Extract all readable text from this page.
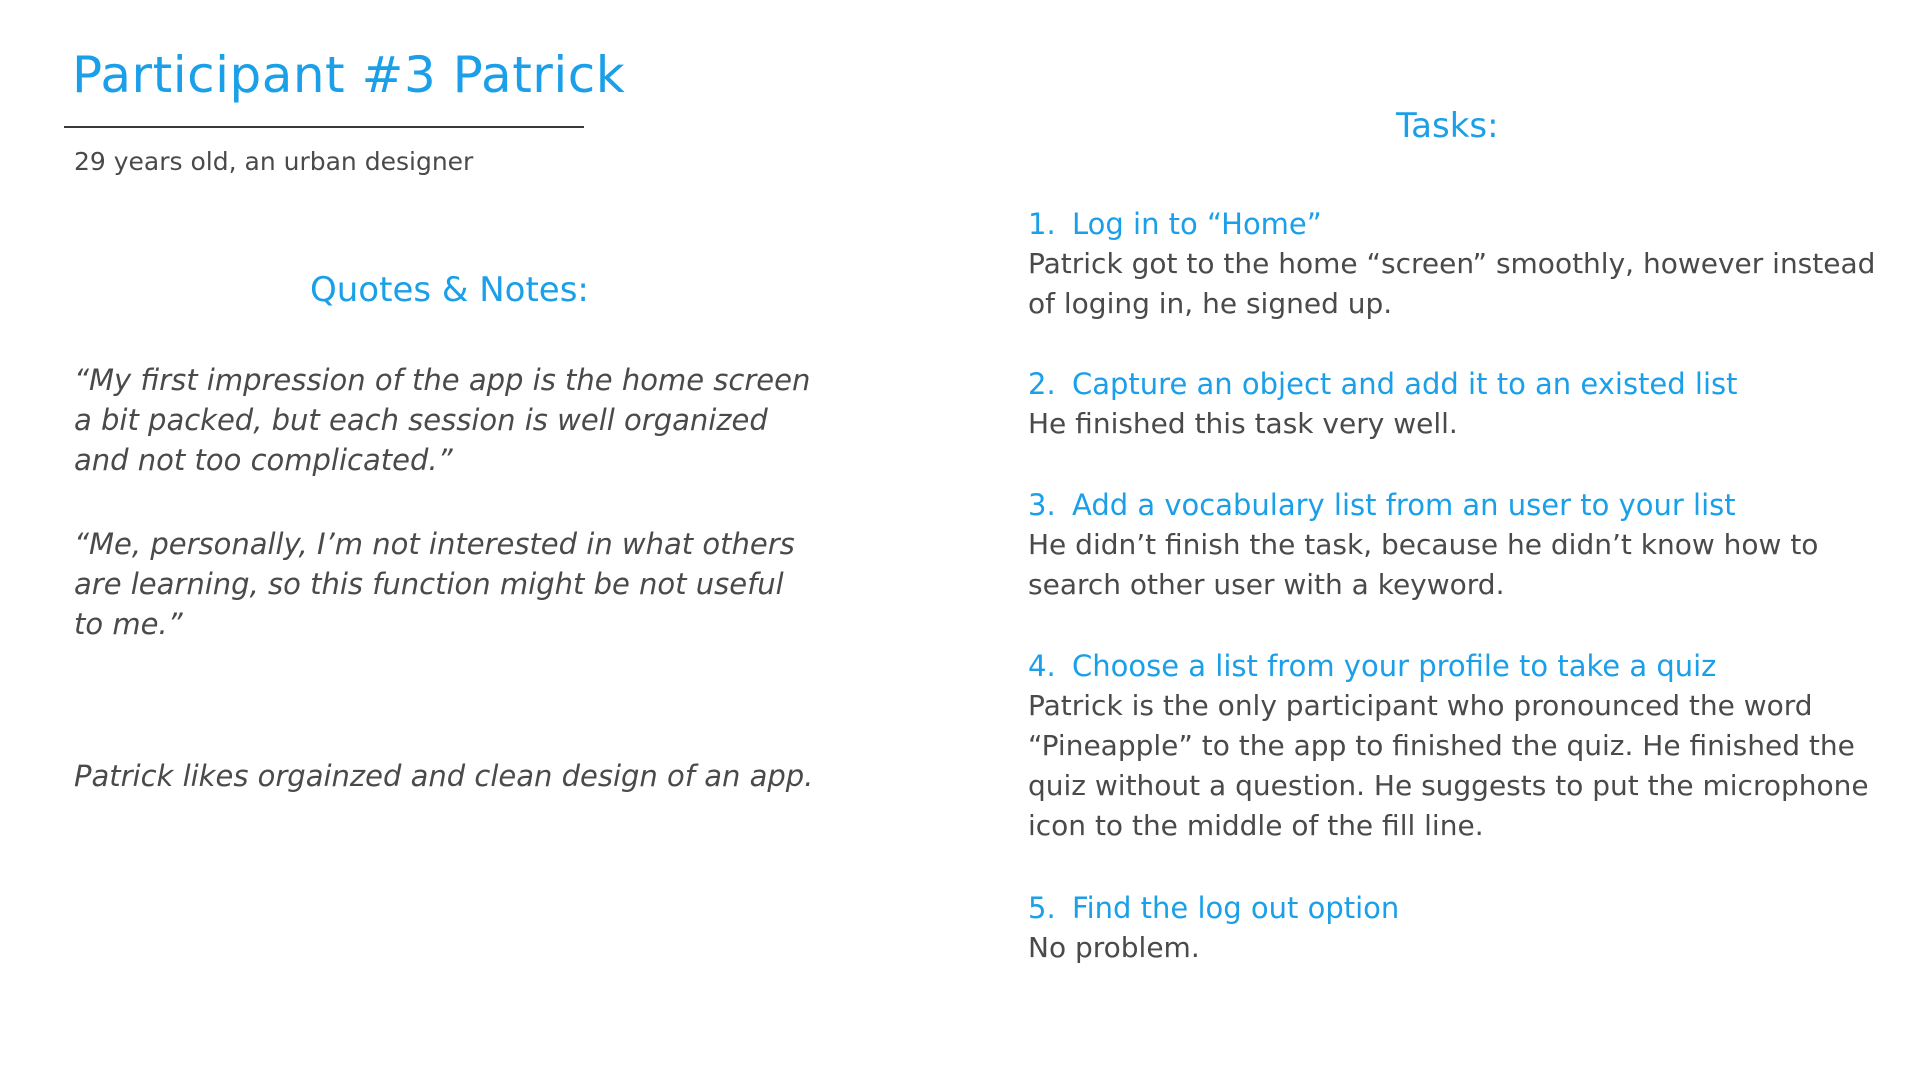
Participant #3 Patrick
29 years old, an urban designer
Quotes & Notes:

“My first impression of the app is the home screen a bit packed, but each session is well organized and not too complicated.”

“Me, personally, I’m not interested in what others are learning, so this function might be not useful to me.”

Patrick likes orgainzed and clean design of an app.

Tasks:

1. Log in to “Home”

Patrick got to the home “screen” smoothly, however instead of loging in, he signed up.

2. Capture an object and add it to an existed list

He finished this task very well.

3. Add a vocabulary list from an user to your list

He didn’t finish the task, because he didn’t know how to search other user with a keyword.

4. Choose a list from your profile to take a quiz

Patrick is the only participant who pronounced the word “Pineapple” to the app to finished the quiz. He finished the quiz without a question. He suggests to put the microphone icon to the middle of the fill line.

5. Find the log out option

No problem.
